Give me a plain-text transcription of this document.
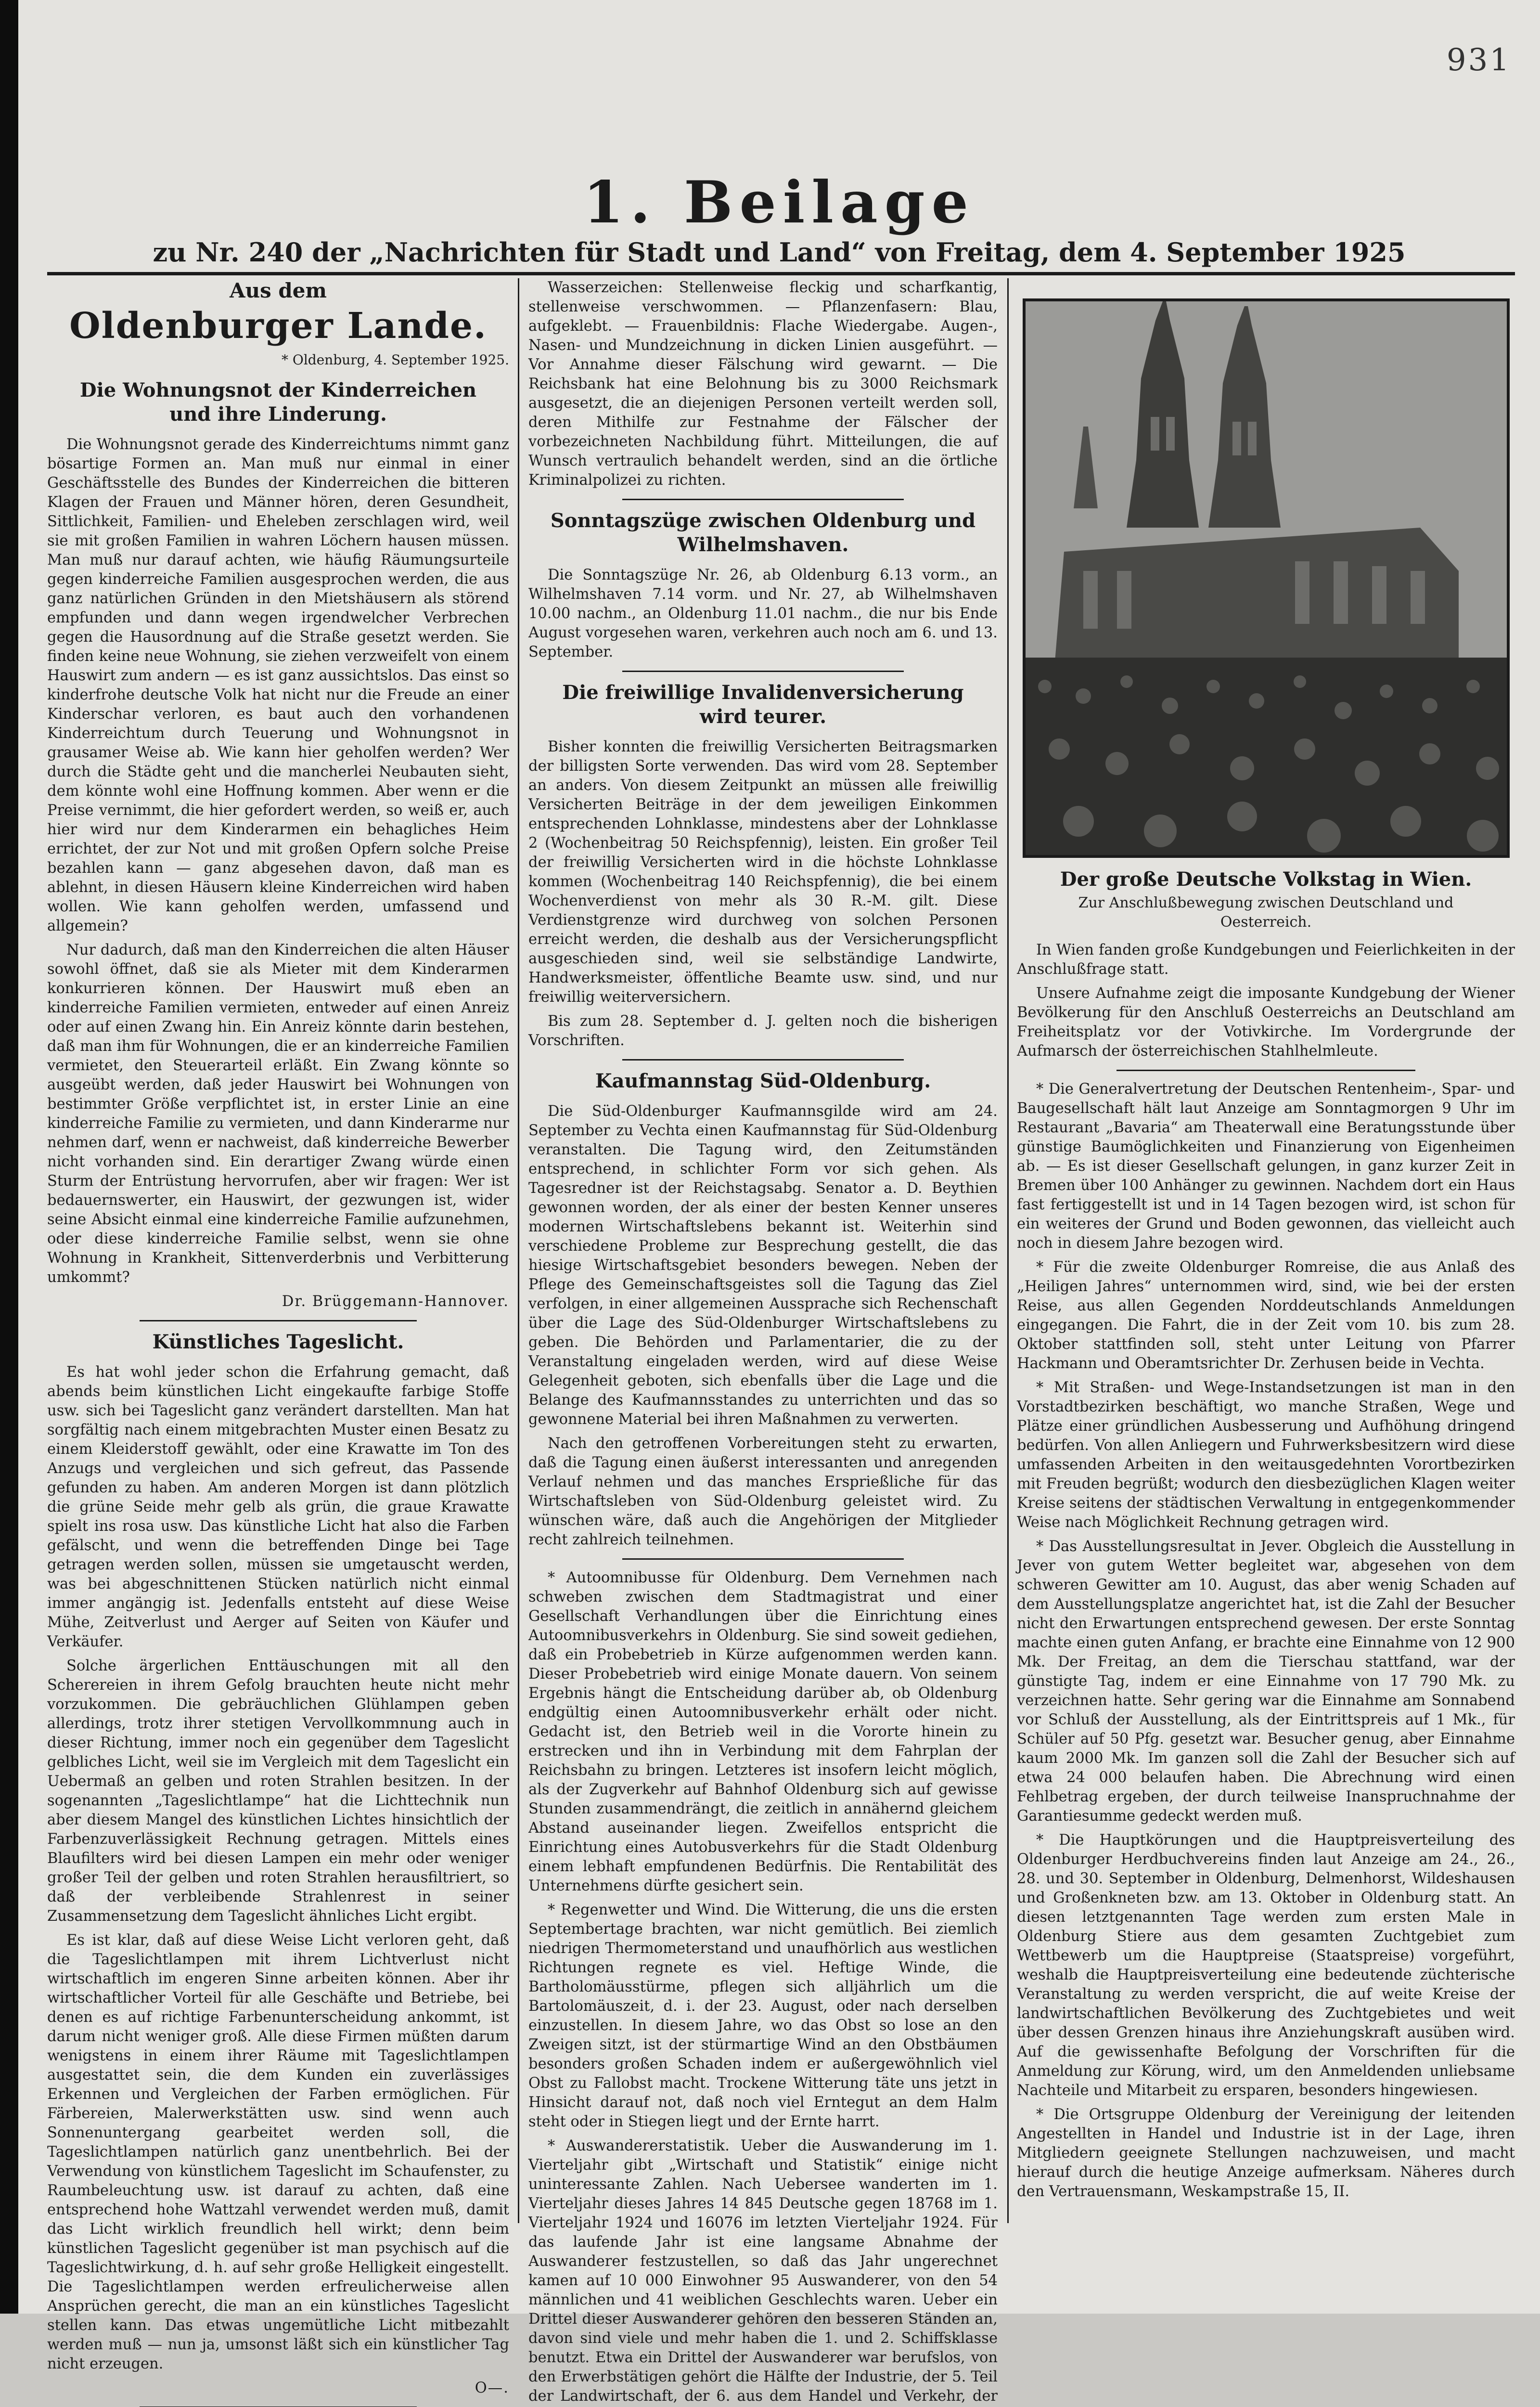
931
1. Beilage
zu Nr. 240 der „Nachrichten für Stadt und Land“ von Freitag, dem 4. September 1925
Aus dem
Oldenburger Lande.
* Oldenburg, 4. September 1925.
Die Wohnungsnot der Kinderreichen
und ihre Linderung.

Die Wohnungsnot gerade des Kinderreichtums nimmt ganz bösartige Formen an. Man muß nur einmal in einer Geschäftsstelle des Bundes der Kinderreichen die bitteren Klagen der Frauen und Männer hören, deren Gesundheit, Sittlichkeit, Familien- und Eheleben zerschlagen wird, weil sie mit großen Familien in wahren Löchern hausen müssen. Man muß nur darauf achten, wie häufig Räumungsurteile gegen kinderreiche Familien ausgesprochen werden, die aus ganz natürlichen Gründen in den Mietshäusern als störend empfunden und dann wegen irgendwelcher Verbrechen gegen die Hausordnung auf die Straße gesetzt werden. Sie finden keine neue Wohnung, sie ziehen verzweifelt von einem Hauswirt zum andern — es ist ganz aussichtslos. Das einst so kinderfrohe deutsche Volk hat nicht nur die Freude an einer Kinderschar verloren, es baut auch den vorhandenen Kinderreichtum durch Teuerung und Wohnungsnot in grausamer Weise ab. Wie kann hier geholfen werden? Wer durch die Städte geht und die mancherlei Neubauten sieht, dem könnte wohl eine Hoffnung kommen. Aber wenn er die Preise vernimmt, die hier gefordert werden, so weiß er, auch hier wird nur dem Kinderarmen ein behagliches Heim errichtet, der zur Not und mit großen Opfern solche Preise bezahlen kann — ganz abgesehen davon, daß man es ablehnt, in diesen Häusern kleine Kinderreichen wird haben wollen. Wie kann geholfen werden, umfassend und allgemein?

Nur dadurch, daß man den Kinderreichen die alten Häuser sowohl öffnet, daß sie als Mieter mit dem Kinderarmen konkurrieren können. Der Hauswirt muß eben an kinderreiche Familien vermieten, entweder auf einen Anreiz oder auf einen Zwang hin. Ein Anreiz könnte darin bestehen, daß man ihm für Wohnungen, die er an kinderreiche Familien vermietet, den Steuerarteil erläßt. Ein Zwang könnte so ausgeübt werden, daß jeder Hauswirt bei Wohnungen von bestimmter Größe verpflichtet ist, in erster Linie an eine kinderreiche Familie zu vermieten, und dann Kinderarme nur nehmen darf, wenn er nachweist, daß kinderreiche Bewerber nicht vorhanden sind. Ein derartiger Zwang würde einen Sturm der Entrüstung hervorrufen, aber wir fragen: Wer ist bedauernswerter, ein Hauswirt, der gezwungen ist, wider seine Absicht einmal eine kinderreiche Familie aufzunehmen, oder diese kinderreiche Familie selbst, wenn sie ohne Wohnung in Krankheit, Sittenverderbnis und Verbitterung umkommt?

Dr. Brüggemann-Hannover.

Künstliches Tageslicht.

Es hat wohl jeder schon die Erfahrung gemacht, daß abends beim künstlichen Licht eingekaufte farbige Stoffe usw. sich bei Tageslicht ganz verändert darstellten. Man hat sorgfältig nach einem mitgebrachten Muster einen Besatz zu einem Kleiderstoff gewählt, oder eine Krawatte im Ton des Anzugs und vergleichen und sich gefreut, das Passende gefunden zu haben. Am anderen Morgen ist dann plötzlich die grüne Seide mehr gelb als grün, die graue Krawatte spielt ins rosa usw. Das künstliche Licht hat also die Farben gefälscht, und wenn die betreffenden Dinge bei Tage getragen werden sollen, müssen sie umgetauscht werden, was bei abgeschnittenen Stücken natürlich nicht einmal immer angängig ist. Jedenfalls entsteht auf diese Weise Mühe, Zeitverlust und Aerger auf Seiten von Käufer und Verkäufer.

Solche ärgerlichen Enttäuschungen mit all den Scherereien in ihrem Gefolg brauchten heute nicht mehr vorzukommen. Die gebräuchlichen Glühlampen geben allerdings, trotz ihrer stetigen Vervollkommnung auch in dieser Richtung, immer noch ein gegenüber dem Tageslicht gelbliches Licht, weil sie im Vergleich mit dem Tageslicht ein Uebermaß an gelben und roten Strahlen besitzen. In der sogenannten „Tageslichtlampe“ hat die Lichttechnik nun aber diesem Mangel des künstlichen Lichtes hinsichtlich der Farbenzuverlässigkeit Rechnung getragen. Mittels eines Blaufilters wird bei diesen Lampen ein mehr oder weniger großer Teil der gelben und roten Strahlen herausfiltriert, so daß der verbleibende Strahlenrest in seiner Zusammensetzung dem Tageslicht ähnliches Licht ergibt.

Es ist klar, daß auf diese Weise Licht verloren geht, daß die Tageslichtlampen mit ihrem Lichtverlust nicht wirtschaftlich im engeren Sinne arbeiten können. Aber ihr wirtschaftlicher Vorteil für alle Geschäfte und Betriebe, bei denen es auf richtige Farbenunterscheidung ankommt, ist darum nicht weniger groß. Alle diese Firmen müßten darum wenigstens in einem ihrer Räume mit Tageslichtlampen ausgestattet sein, die dem Kunden ein zuverlässiges Erkennen und Vergleichen der Farben ermöglichen. Für Färbereien, Malerwerkstätten usw. sind wenn auch Sonnenuntergang gearbeitet werden soll, die Tageslichtlampen natürlich ganz unentbehrlich. Bei der Verwendung von künstlichem Tageslicht im Schaufenster, zu Raumbeleuchtung usw. ist darauf zu achten, daß eine entsprechend hohe Wattzahl verwendet werden muß, damit das Licht wirklich freundlich hell wirkt; denn beim künstlichen Tageslicht gegenüber ist man psychisch auf die Tageslichtwirkung, d. h. auf sehr große Helligkeit eingestellt. Die Tageslichtlampen werden erfreulicherweise allen Ansprüchen gerecht, die man an ein künstliches Tageslicht stellen kann. Das etwas ungemütliche Licht mitbezahlt werden muß — nun ja, umsonst läßt sich ein künstlicher Tag nicht erzeugen.

O—.

Wasserzeichen: Stellenweise fleckig und scharfkantig, stellenweise verschwommen. — Pflanzenfasern: Blau, aufgeklebt. — Frauenbildnis: Flache Wiedergabe. Augen-, Nasen- und Mundzeichnung in dicken Linien ausgeführt. — Vor Annahme dieser Fälschung wird gewarnt. — Die Reichsbank hat eine Belohnung bis zu 3000 Reichsmark ausgesetzt, die an diejenigen Personen verteilt werden soll, deren Mithilfe zur Festnahme der Fälscher der vorbezeichneten Nachbildung führt. Mitteilungen, die auf Wunsch vertraulich behandelt werden, sind an die örtliche Kriminalpolizei zu richten.

Sonntagszüge zwischen Oldenburg und
Wilhelmshaven.

Die Sonntagszüge Nr. 26, ab Oldenburg 6.13 vorm., an Wilhelmshaven 7.14 vorm. und Nr. 27, ab Wilhelmshaven 10.00 nachm., an Oldenburg 11.01 nachm., die nur bis Ende August vorgesehen waren, verkehren auch noch am 6. und 13. September.

Die freiwillige Invalidenversicherung
wird teurer.

Bisher konnten die freiwillig Versicherten Beitragsmarken der billigsten Sorte verwenden. Das wird vom 28. September an anders. Von diesem Zeitpunkt an müssen alle freiwillig Versicherten Beiträge in der dem jeweiligen Einkommen entsprechenden Lohnklasse, mindestens aber der Lohnklasse 2 (Wochenbeitrag 50 Reichspfennig), leisten. Ein großer Teil der freiwillig Versicherten wird in die höchste Lohnklasse kommen (Wochenbeitrag 140 Reichspfennig), die bei einem Wochenverdienst von mehr als 30 R.-M. gilt. Diese Verdienstgrenze wird durchweg von solchen Personen erreicht werden, die deshalb aus der Versicherungspflicht ausgeschieden sind, weil sie selbständige Landwirte, Handwerksmeister, öffentliche Beamte usw. sind, und nur freiwillig weiterversichern.

Bis zum 28. September d. J. gelten noch die bisherigen Vorschriften.

Kaufmannstag Süd-Oldenburg.

Die Süd-Oldenburger Kaufmannsgilde wird am 24. September zu Vechta einen Kaufmannstag für Süd-Oldenburg veranstalten. Die Tagung wird, den Zeitumständen entsprechend, in schlichter Form vor sich gehen. Als Tagesredner ist der Reichstagsabg. Senator a. D. Beythien gewonnen worden, der als einer der besten Kenner unseres modernen Wirtschaftslebens bekannt ist. Weiterhin sind verschiedene Probleme zur Besprechung gestellt, die das hiesige Wirtschaftsgebiet besonders bewegen. Neben der Pflege des Gemeinschaftsgeistes soll die Tagung das Ziel verfolgen, in einer allgemeinen Aussprache sich Rechenschaft über die Lage des Süd-Oldenburger Wirtschaftslebens zu geben. Die Behörden und Parlamentarier, die zu der Veranstaltung eingeladen werden, wird auf diese Weise Gelegenheit geboten, sich ebenfalls über die Lage und die Belange des Kaufmannsstandes zu unterrichten und das so gewonnene Material bei ihren Maßnahmen zu verwerten.

Nach den getroffenen Vorbereitungen steht zu erwarten, daß die Tagung einen äußerst interessanten und anregenden Verlauf nehmen und das manches Ersprießliche für das Wirtschaftsleben von Süd-Oldenburg geleistet wird. Zu wünschen wäre, daß auch die Angehörigen der Mitglieder recht zahlreich teilnehmen.

* Autoomnibusse für Oldenburg. Dem Vernehmen nach schweben zwischen dem Stadtmagistrat und einer Gesellschaft Verhandlungen über die Einrichtung eines Autoomnibusverkehrs in Oldenburg. Sie sind soweit gediehen, daß ein Probebetrieb in Kürze aufgenommen werden kann. Dieser Probebetrieb wird einige Monate dauern. Von seinem Ergebnis hängt die Entscheidung darüber ab, ob Oldenburg endgültig einen Autoomnibusverkehr erhält oder nicht. Gedacht ist, den Betrieb weil in die Vororte hinein zu erstrecken und ihn in Verbindung mit dem Fahrplan der Reichsbahn zu bringen. Letzteres ist insofern leicht möglich, als der Zugverkehr auf Bahnhof Oldenburg sich auf gewisse Stunden zusammendrängt, die zeitlich in annähernd gleichem Abstand auseinander liegen. Zweifellos entspricht die Einrichtung eines Autobusverkehrs für die Stadt Oldenburg einem lebhaft empfundenen Bedürfnis. Die Rentabilität des Unternehmens dürfte gesichert sein.

* Regenwetter und Wind. Die Witterung, die uns die ersten Septembertage brachten, war nicht gemütlich. Bei ziemlich niedrigen Thermometerstand und unaufhörlich aus westlichen Richtungen regnete es viel. Heftige Winde, die Bartholomäusstürme, pflegen sich alljährlich um die Bartolomäuszeit, d. i. der 23. August, oder nach derselben einzustellen. In diesem Jahre, wo das Obst so lose an den Zweigen sitzt, ist der stürmartige Wind an den Obstbäumen besonders großen Schaden indem er außergewöhnlich viel Obst zu Fallobst macht. Trockene Witterung täte uns jetzt in Hinsicht darauf not, daß noch viel Erntegut an dem Halm steht oder in Stiegen liegt und der Ernte harrt.

* Auswandererstatistik. Ueber die Auswanderung im 1. Vierteljahr gibt „Wirtschaft und Statistik“ einige nicht uninteressante Zahlen. Nach Uebersee wanderten im 1. Vierteljahr dieses Jahres 14 845 Deutsche gegen 18768 im 1. Vierteljahr 1924 und 16076 im letzten Vierteljahr 1924. Für das laufende Jahr ist eine langsame Abnahme der Auswanderer festzustellen, so daß das Jahr ungerechnet kamen auf 10 000 Einwohner 95 Auswanderer, von den 54 männlichen und 41 weiblichen Geschlechts waren. Ueber ein Drittel dieser Auswanderer gehören den besseren Ständen an, davon sind viele und mehr haben die 1. und 2. Schiffsklasse benutzt. Etwa ein Drittel der Auswanderer war berufslos, von den Erwerbstätigen gehört die Hälfte der Industrie, der 5. Teil der Landwirtschaft, der 6. aus dem Handel und Verkehr, der

Der große Deutsche Volkstag in Wien.
Zur Anschlußbewegung zwischen Deutschland und
Oesterreich.

In Wien fanden große Kundgebungen und Feierlichkeiten in der Anschlußfrage statt.

Unsere Aufnahme zeigt die imposante Kundgebung der Wiener Bevölkerung für den Anschluß Oesterreichs an Deutschland am Freiheitsplatz vor der Votivkirche. Im Vordergrunde der Aufmarsch der österreichischen Stahlhelmleute.

* Die Generalvertretung der Deutschen Rentenheim-, Spar- und Baugesellschaft hält laut Anzeige am Sonntagmorgen 9 Uhr im Restaurant „Bavaria“ am Theaterwall eine Beratungsstunde über günstige Baumöglichkeiten und Finanzierung von Eigenheimen ab. — Es ist dieser Gesellschaft gelungen, in ganz kurzer Zeit in Bremen über 100 Anhänger zu gewinnen. Nachdem dort ein Haus fast fertiggestellt ist und in 14 Tagen bezogen wird, ist schon für ein weiteres der Grund und Boden gewonnen, das vielleicht auch noch in diesem Jahre bezogen wird.

* Für die zweite Oldenburger Romreise, die aus Anlaß des „Heiligen Jahres“ unternommen wird, sind, wie bei der ersten Reise, aus allen Gegenden Norddeutschlands Anmeldungen eingegangen. Die Fahrt, die in der Zeit vom 10. bis zum 28. Oktober stattfinden soll, steht unter Leitung von Pfarrer Hackmann und Oberamtsrichter Dr. Zerhusen beide in Vechta.

* Mit Straßen- und Wege-Instandsetzungen ist man in den Vorstadtbezirken beschäftigt, wo manche Straßen, Wege und Plätze einer gründlichen Ausbesserung und Aufhöhung dringend bedürfen. Von allen Anliegern und Fuhrwerksbesitzern wird diese umfassenden Arbeiten in den weitausgedehnten Vorortbezirken mit Freuden begrüßt; wodurch den diesbezüglichen Klagen weiter Kreise seitens der städtischen Verwaltung in entgegenkommender Weise nach Möglichkeit Rechnung getragen wird.

* Das Ausstellungsresultat in Jever. Obgleich die Ausstellung in Jever von gutem Wetter begleitet war, abgesehen von dem schweren Gewitter am 10. August, das aber wenig Schaden auf dem Ausstellungsplatze angerichtet hat, ist die Zahl der Besucher nicht den Erwartungen entsprechend gewesen. Der erste Sonntag machte einen guten Anfang, er brachte eine Einnahme von 12 900 Mk. Der Freitag, an dem die Tierschau stattfand, war der günstigte Tag, indem er eine Einnahme von 17 790 Mk. zu verzeichnen hatte. Sehr gering war die Einnahme am Sonnabend vor Schluß der Ausstellung, als der Eintrittspreis auf 1 Mk., für Schüler auf 50 Pfg. gesetzt war. Besucher genug, aber Einnahme kaum 2000 Mk. Im ganzen soll die Zahl der Besucher sich auf etwa 24 000 belaufen haben. Die Abrechnung wird einen Fehlbetrag ergeben, der durch teilweise Inanspruchnahme der Garantiesumme gedeckt werden muß.

* Die Hauptkörungen und die Hauptpreisverteilung des Oldenburger Herdbuchvereins finden laut Anzeige am 24., 26., 28. und 30. September in Oldenburg, Delmenhorst, Wildeshausen und Großenkneten bzw. am 13. Oktober in Oldenburg statt. An diesen letztgenannten Tage werden zum ersten Male in Oldenburg Stiere aus dem gesamten Zuchtgebiet zum Wettbewerb um die Hauptpreise (Staatspreise) vorgeführt, weshalb die Hauptpreisverteilung eine bedeutende züchterische Veranstaltung zu werden verspricht, die auf weite Kreise der landwirtschaftlichen Bevölkerung des Zuchtgebietes und weit über dessen Grenzen hinaus ihre Anziehungskraft ausüben wird. Auf die gewissenhafte Befolgung der Vorschriften für die Anmeldung zur Körung, wird, um den Anmeldenden unliebsame Nachteile und Mitarbeit zu ersparen, besonders hingewiesen.

* Die Ortsgruppe Oldenburg der Vereinigung der leitenden Angestellten in Handel und Industrie ist in der Lage, ihren Mitgliedern geeignete Stellungen nachzuweisen, und macht hierauf durch die heutige Anzeige aufmerksam. Näheres durch den Vertrauensmann, Weskampstraße 15, II.
